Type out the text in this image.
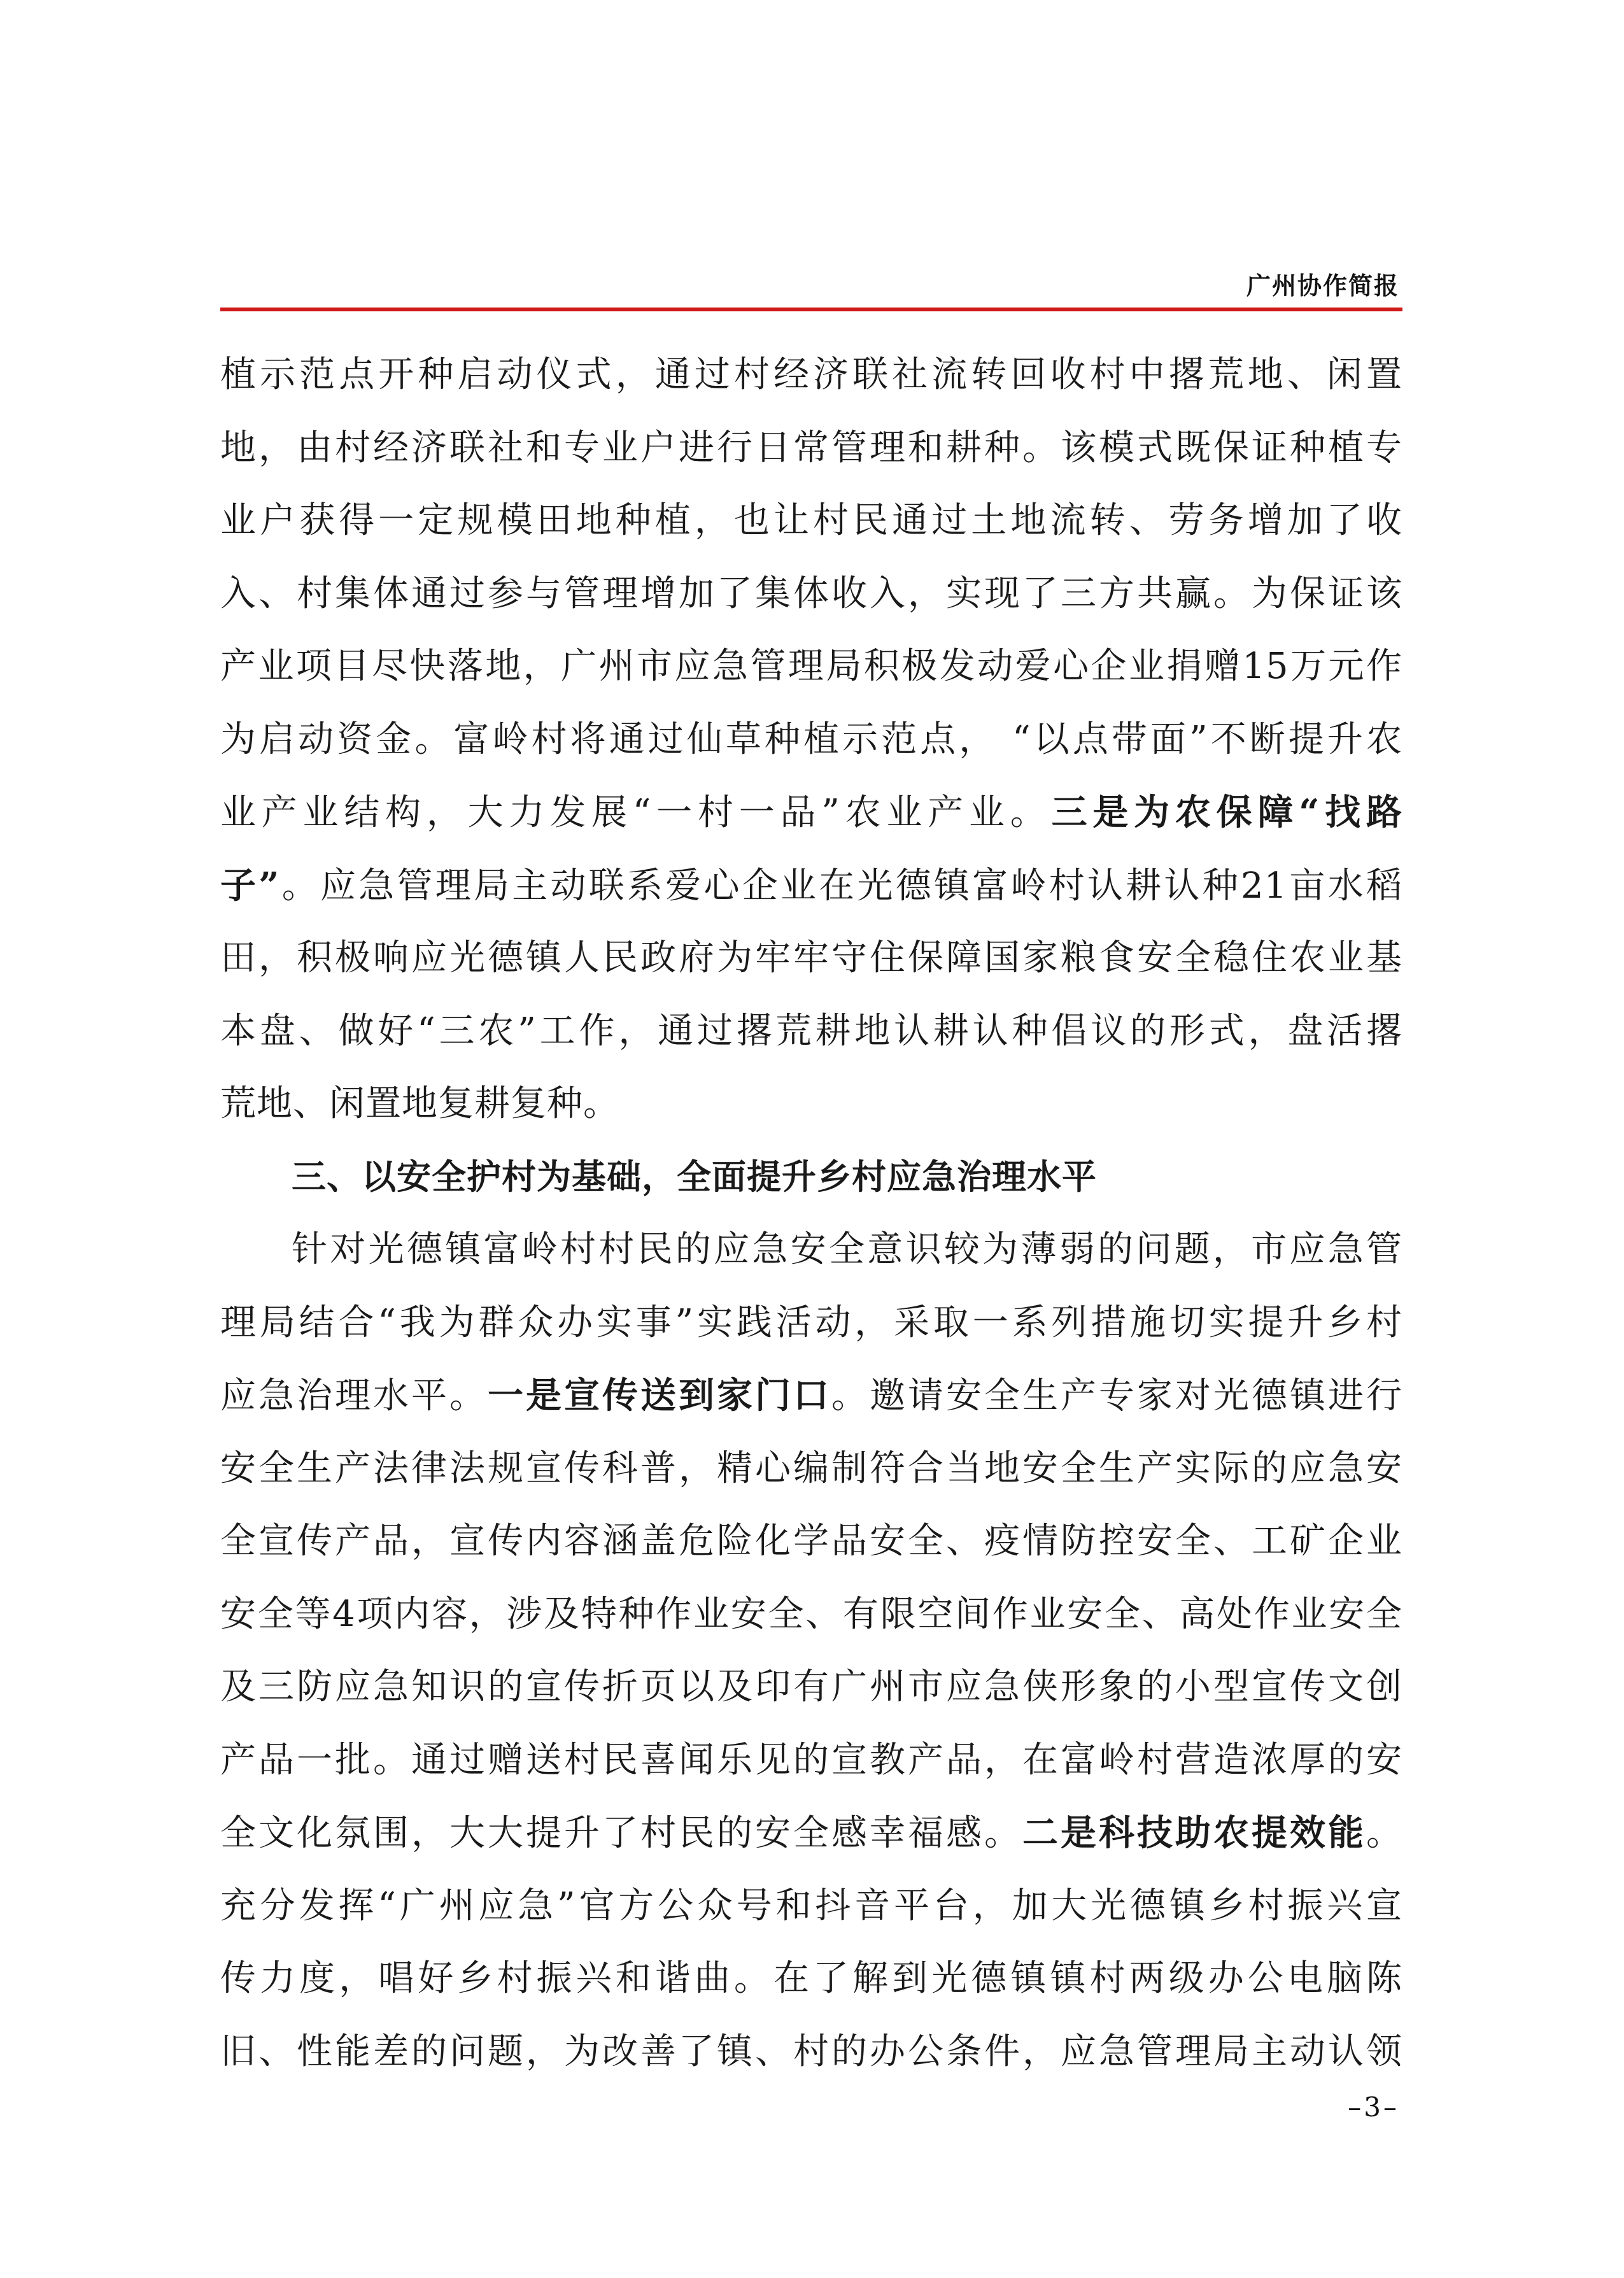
广州协作简报
植示范点开种启动仪式，通过村经济联社流转回收村中撂荒地、闲置
地，由村经济联社和专业户进行日常管理和耕种。该模式既保证种植专
业户获得一定规模田地种植，也让村民通过土地流转、劳务增加了收
入、村集体通过参与管理增加了集体收入，实现了三方共赢。为保证该
产业项目尽快落地，广州市应急管理局积极发动爱心企业捐赠15万元作
为启动资金。富岭村将通过仙草种植示范点， “以点带面”不断提升农
业产业结构，大力发展“一村一品”农业产业。三是为农保障“找路
子”。应急管理局主动联系爱心企业在光德镇富岭村认耕认种21亩水稻
田，积极响应光德镇人民政府为牢牢守住保障国家粮食安全稳住农业基
本盘、做好“三农”工作，通过撂荒耕地认耕认种倡议的形式，盘活撂
荒地、闲置地复耕复种。
三、以安全护村为基础，全面提升乡村应急治理水平
针对光德镇富岭村村民的应急安全意识较为薄弱的问题，市应急管
理局结合“我为群众办实事”实践活动，采取一系列措施切实提升乡村
应急治理水平。一是宣传送到家门口。邀请安全生产专家对光德镇进行
安全生产法律法规宣传科普，精心编制符合当地安全生产实际的应急安
全宣传产品，宣传内容涵盖危险化学品安全、疫情防控安全、工矿企业
安全等4项内容，涉及特种作业安全、有限空间作业安全、高处作业安全
及三防应急知识的宣传折页以及印有广州市应急侠形象的小型宣传文创
产品一批。通过赠送村民喜闻乐见的宣教产品，在富岭村营造浓厚的安
全文化氛围，大大提升了村民的安全感幸福感。二是科技助农提效能。
充分发挥“广州应急”官方公众号和抖音平台，加大光德镇乡村振兴宣
传力度，唱好乡村振兴和谐曲。在了解到光德镇镇村两级办公电脑陈
旧、性能差的问题，为改善了镇、村的办公条件，应急管理局主动认领
–3–
